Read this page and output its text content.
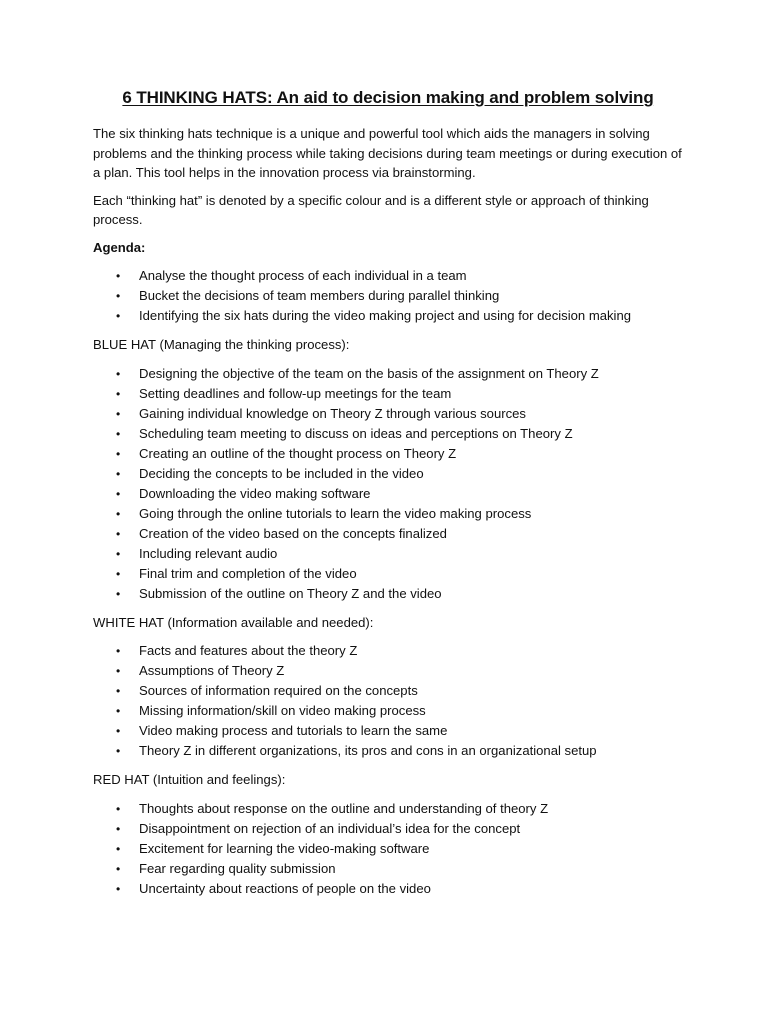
6 THINKING HATS: An aid to decision making and problem solving

The six thinking hats technique is a unique and powerful tool which aids the managers in solving problems and the thinking process while taking decisions during team meetings or during execution of a plan. This tool helps in the innovation process via brainstorming.

Each “thinking hat” is denoted by a specific colour and is a different style or approach of thinking process.

Agenda:

• Analyse the thought process of each individual in a team
• Bucket the decisions of team members during parallel thinking
• Identifying the six hats during the video making project and using for decision making

BLUE HAT (Managing the thinking process):

• Designing the objective of the team on the basis of the assignment on Theory Z
• Setting deadlines and follow-up meetings for the team
• Gaining individual knowledge on Theory Z through various sources
• Scheduling team meeting to discuss on ideas and perceptions on Theory Z
• Creating an outline of the thought process on Theory Z
• Deciding the concepts to be included in the video
• Downloading the video making software
• Going through the online tutorials to learn the video making process
• Creation of the video based on the concepts finalized
• Including relevant audio
• Final trim and completion of the video
• Submission of the outline on Theory Z and the video

WHITE HAT (Information available and needed):

• Facts and features about the theory Z
• Assumptions of Theory Z
• Sources of information required on the concepts
• Missing information/skill on video making process
• Video making process and tutorials to learn the same
• Theory Z in different organizations, its pros and cons in an organizational setup

RED HAT (Intuition and feelings):

• Thoughts about response on the outline and understanding of theory Z
• Disappointment on rejection of an individual’s idea for the concept
• Excitement for learning the video-making software
• Fear regarding quality submission
• Uncertainty about reactions of people on the video
